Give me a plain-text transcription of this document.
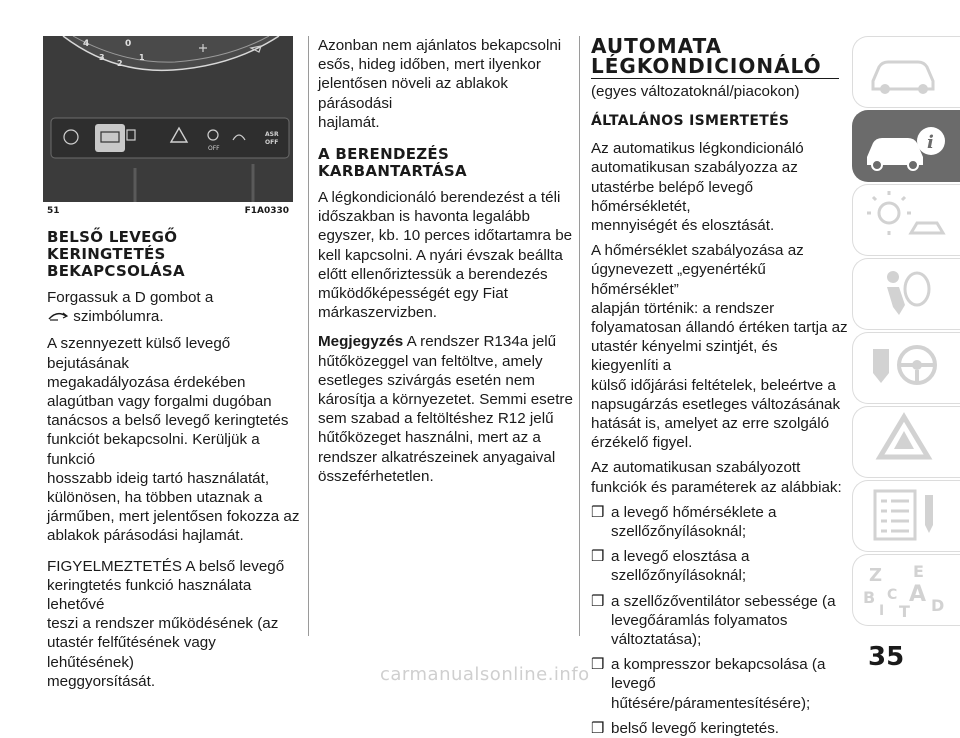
4	0
3
2
1
OFF
ASR
OFF
51	F1A0330
BELSŐ LEVEGŐ
KERINGTETÉS
BEKAPCSOLÁSA

Forgassuk a D gombot a
szimbólumra.

A szennyezett külső levegő bejutásának
megakadályozása érdekében
alagútban vagy forgalmi dugóban
tanácsos a belső levegő keringtetés
funkciót bekapcsolni. Kerüljük a funkció
hosszabb ideig tartó használatát,
különösen, ha többen utaznak a
járműben, mert jelentősen fokozza az
ablakok párásodási hajlamát.

FIGYELMEZTETÉS A belső levegő
keringtetés funkció használata lehetővé
teszi a rendszer működésének (az
utastér felfűtésének vagy lehűtésének)
meggyorsítását.

Azonban nem ajánlatos bekapcsolni
esős, hideg időben, mert ilyenkor
jelentősen növeli az ablakok párásodási
hajlamát.

A BERENDEZÉS
KARBANTARTÁSA

A légkondicionáló berendezést a téli
időszakban is havonta legalább
egyszer, kb. 10 perces időtartamra be
kell kapcsolni. A nyári évszak beállta
előtt ellenőriztessük a berendezés
működőképességét egy Fiat
márkaszervizben.

Megjegyzés A rendszer R134a jelű
hűtőközeggel van feltöltve, amely
esetleges szivárgás esetén nem
károsítja a környezetet. Semmi esetre
sem szabad a feltöltéshez R12 jelű
hűtőközeget használni, mert az a
rendszer alkatrészeinek anyagaival
összeférhetetlen.

AUTOMATA
LÉGKONDICIONÁLÓ

(egyes változatoknál/piacokon)

ÁLTALÁNOS ISMERTETÉS

Az automatikus légkondicionáló
automatikusan szabályozza az
utastérbe belépő levegő hőmérsékletét,
mennyiségét és elosztását.

A hőmérséklet szabályozása az
úgynevezett „egyenértékű hőmérséklet”
alapján történik: a rendszer
folyamatosan állandó értéken tartja az
utastér kényelmi szintjét, és kiegyenlíti a
külső időjárási feltételek, beleértve a
napsugárzás esetleges változásának
hatását is, amelyet az erre szolgáló
érzékelő figyel.

Az automatikusan szabályozott
funkciók és paraméterek az alábbiak:

❒ a levegő hőmérséklete a
szellőzőnyílásoknál;
❒ a levegő elosztása a
szellőzőnyílásoknál;
❒ a szellőzőventilátor sebessége (a
levegőáramlás folyamatos
változtatása);
❒ a kompresszor bekapcsolása (a
levegő hűtésére/páramentesítésére);
❒ belső levegő keringtetés.
i
Z E
B A
I
C
T D
35
carmanualsonline.info
